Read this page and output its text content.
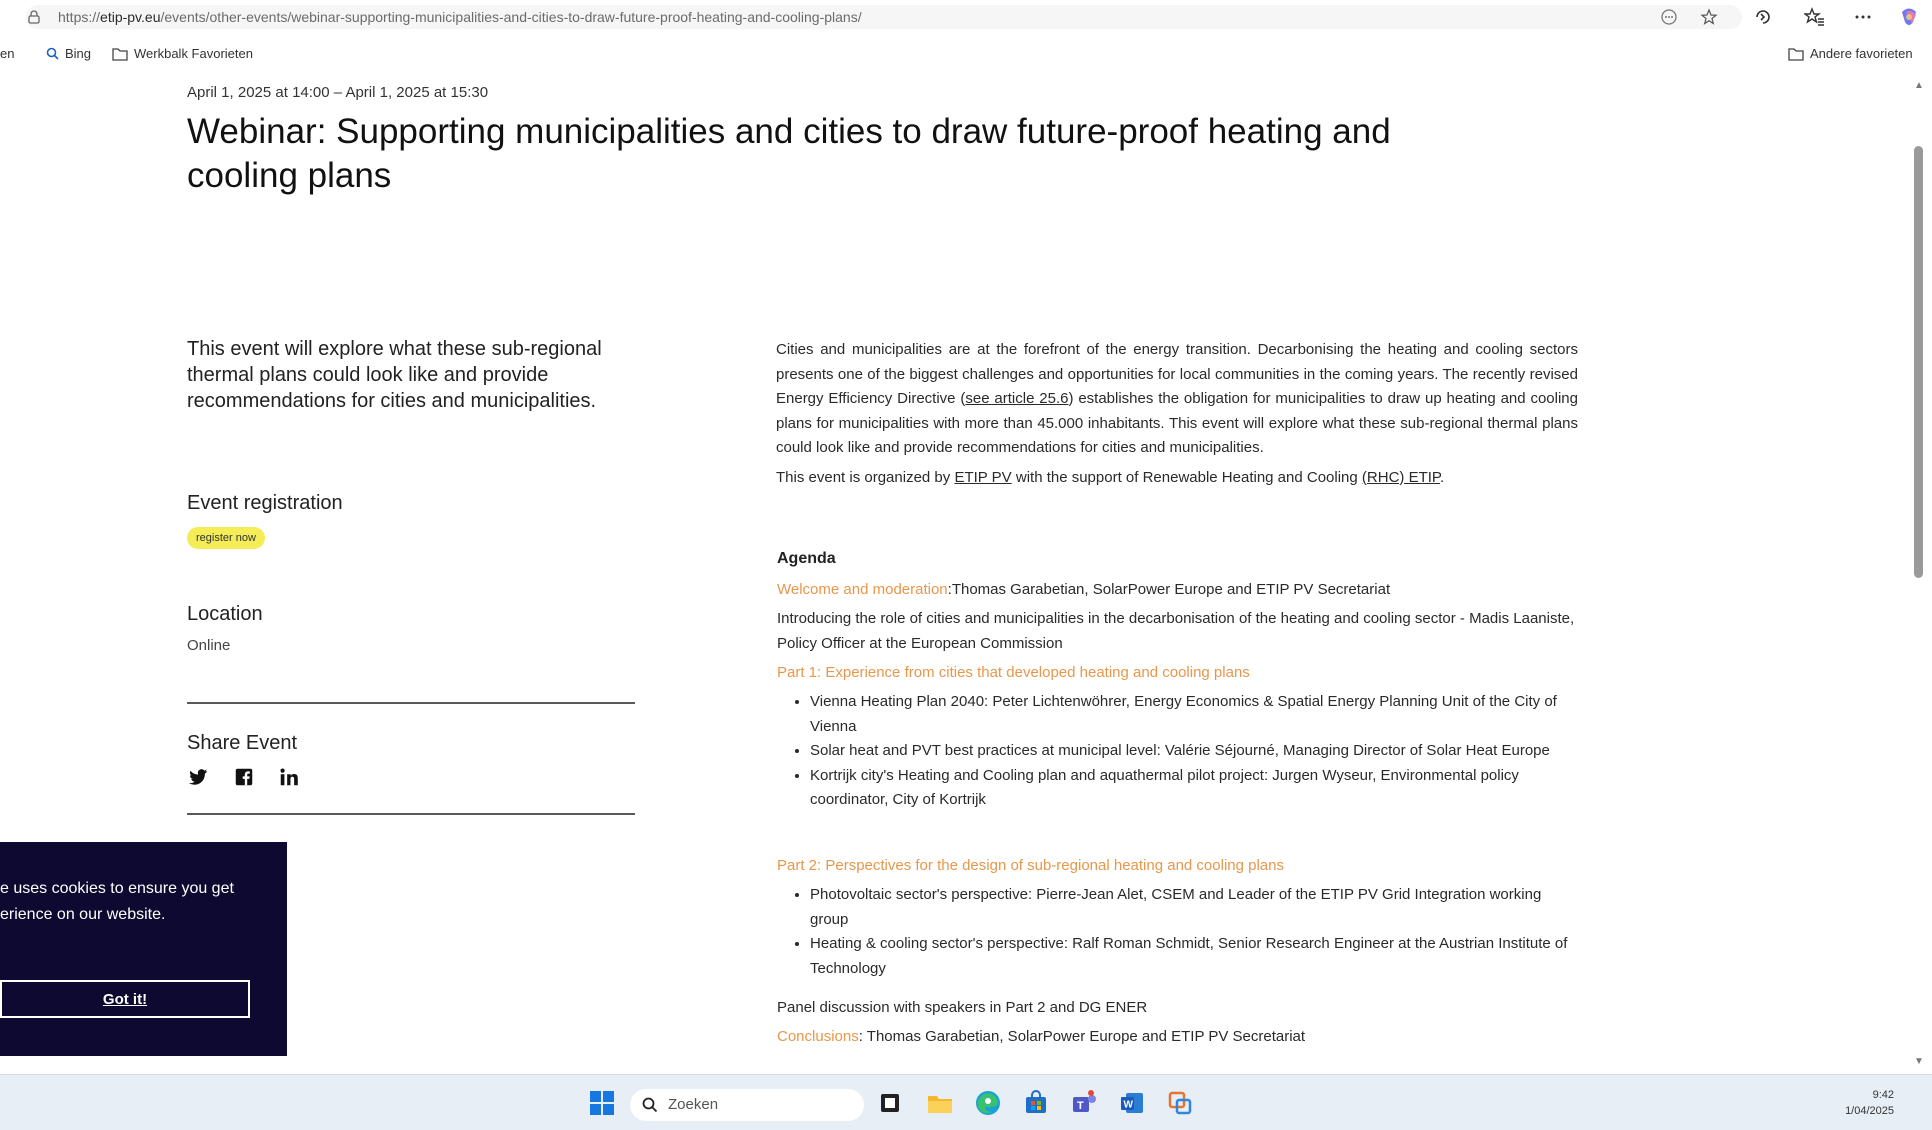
https://etip-pv.eu/events/other-events/webinar-supporting-municipalities-and-cities-to-draw-future-proof-heating-and-cooling-plans/
en	Bing	Werkbalk Favorieten	Andere favorieten
April 1, 2025 at 14:00 – April 1, 2025 at 15:30
Webinar: Supporting municipalities and cities to draw future-proof heating and cooling plans
This event will explore what these sub-regional thermal plans could look like and provide recommendations for cities and municipalities.
Event registration
register now
Location
Online
Share Event

Cities and municipalities are at the forefront of the energy transition. Decarbonising the heating and cooling sectors presents one of the biggest challenges and opportunities for local communities in the coming years. The recently revised Energy Efficiency Directive (see article 25.6) establishes the obligation for municipalities to draw up heating and cooling plans for municipalities with more than 45.000 inhabitants. This event will explore what these sub-regional thermal plans could look like and provide recommendations for cities and municipalities.

This event is organized by ETIP PV with the support of Renewable Heating and Cooling (RHC) ETIP.

Agenda
Welcome and moderation:Thomas Garabetian, SolarPower Europe and ETIP PV Secretariat
Introducing the role of cities and municipalities in the decarbonisation of the heating and cooling sector - Madis Laaniste, Policy Officer at the European Commission
Part 1: Experience from cities that developed heating and cooling plans
• Vienna Heating Plan 2040: Peter Lichtenwöhrer, Energy Economics & Spatial Energy Planning Unit of the City of Vienna
• Solar heat and PVT best practices at municipal level: Valérie Séjourné, Managing Director of Solar Heat Europe
• Kortrijk city's Heating and Cooling plan and aquathermal pilot project: Jurgen Wyseur, Environmental policy coordinator, City of Kortrijk
Part 2: Perspectives for the design of sub-regional heating and cooling plans
• Photovoltaic sector's perspective: Pierre-Jean Alet, CSEM and Leader of the ETIP PV Grid Integration working group
• Heating & cooling sector's perspective: Ralf Roman Schmidt, Senior Research Engineer at the Austrian Institute of Technology
Panel discussion with speakers in Part 2 and DG ENER
Conclusions: Thomas Garabetian, SolarPower Europe and ETIP PV Secretariat
▲
▼
e uses cookies to ensure you get erience on our website.
Got it!
Zoeken	T	W
9:42
1/04/2025
